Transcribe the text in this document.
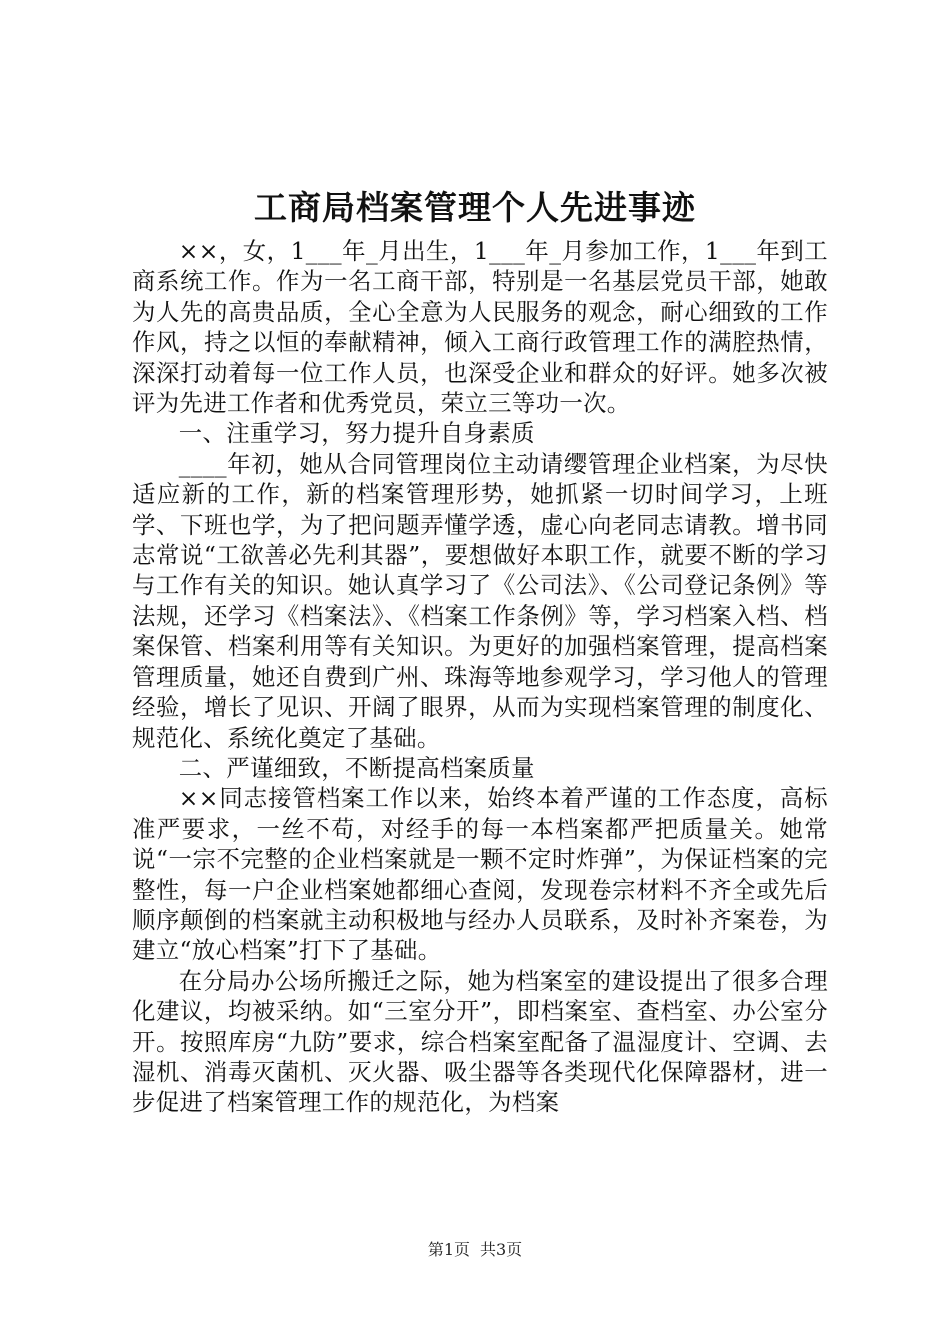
工商局档案管理个人先进事迹

××，女，1___年_月出生，1___年_月参加工作，1___年到工商系统工作。作为一名工商干部，特别是一名基层党员干部，她敢为人先的高贵品质，全心全意为人民服务的观念，耐心细致的工作作风，持之以恒的奉献精神，倾入工商行政管理工作的满腔热情，深深打动着每一位工作人员，也深受企业和群众的好评。她多次被评为先进工作者和优秀党员，荣立三等功一次。

一、注重学习，努力提升自身素质

____年初，她从合同管理岗位主动请缨管理企业档案，为尽快适应新的工作，新的档案管理形势，她抓紧一切时间学习，上班学、下班也学，为了把问题弄懂学透，虚心向老同志请教。增书同志常说“工欲善必先利其器”，要想做好本职工作，就要不断的学习与工作有关的知识。她认真学习了《公司法》、《公司登记条例》等法规，还学习《档案法》、《档案工作条例》等，学习档案入档、档案保管、档案利用等有关知识。为更好的加强档案管理，提高档案管理质量，她还自费到广州、珠海等地参观学习，学习他人的管理经验，增长了见识、开阔了眼界，从而为实现档案管理的制度化、规范化、系统化奠定了基础。

二、严谨细致，不断提高档案质量

××同志接管档案工作以来，始终本着严谨的工作态度，高标准严要求，一丝不苟，对经手的每一本档案都严把质量关。她常说“一宗不完整的企业档案就是一颗不定时炸弹”，为保证档案的完整性，每一户企业档案她都细心查阅，发现卷宗材料不齐全或先后顺序颠倒的档案就主动积极地与经办人员联系，及时补齐案卷，为建立“放心档案”打下了基础。

在分局办公场所搬迁之际，她为档案室的建设提出了很多合理化建议，均被采纳。如“三室分开”，即档案室、查档室、办公室分开。按照库房“九防”要求，综合档案室配备了温湿度计、空调、去湿机、消毒灭菌机、灭火器、吸尘器等各类现代化保障器材，进一步促进了档案管理工作的规范化，为档案

第1页 共3页
